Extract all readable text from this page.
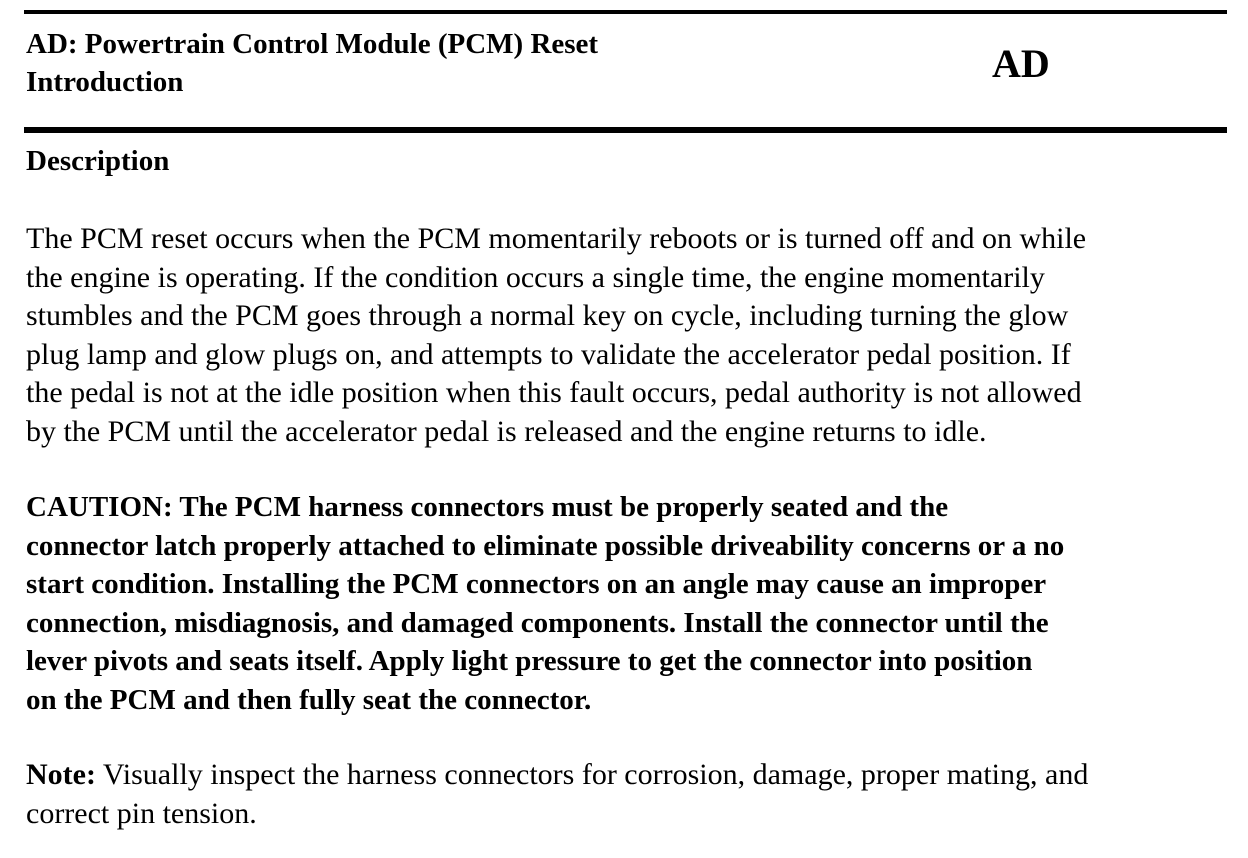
AD: Powertrain Control Module (PCM) Reset
Introduction	AD
Description

The PCM reset occurs when the PCM momentarily reboots or is turned off and on while
the engine is operating. If the condition occurs a single time, the engine momentarily
stumbles and the PCM goes through a normal key on cycle, including turning the glow
plug lamp and glow plugs on, and attempts to validate the accelerator pedal position. If
the pedal is not at the idle position when this fault occurs, pedal authority is not allowed
by the PCM until the accelerator pedal is released and the engine returns to idle.

CAUTION: The PCM harness connectors must be properly seated and the
connector latch properly attached to eliminate possible driveability concerns or a no
start condition. Installing the PCM connectors on an angle may cause an improper
connection, misdiagnosis, and damaged components. Install the connector until the
lever pivots and seats itself. Apply light pressure to get the connector into position
on the PCM and then fully seat the connector.

Note: Visually inspect the harness connectors for corrosion, damage, proper mating, and
correct pin tension.
